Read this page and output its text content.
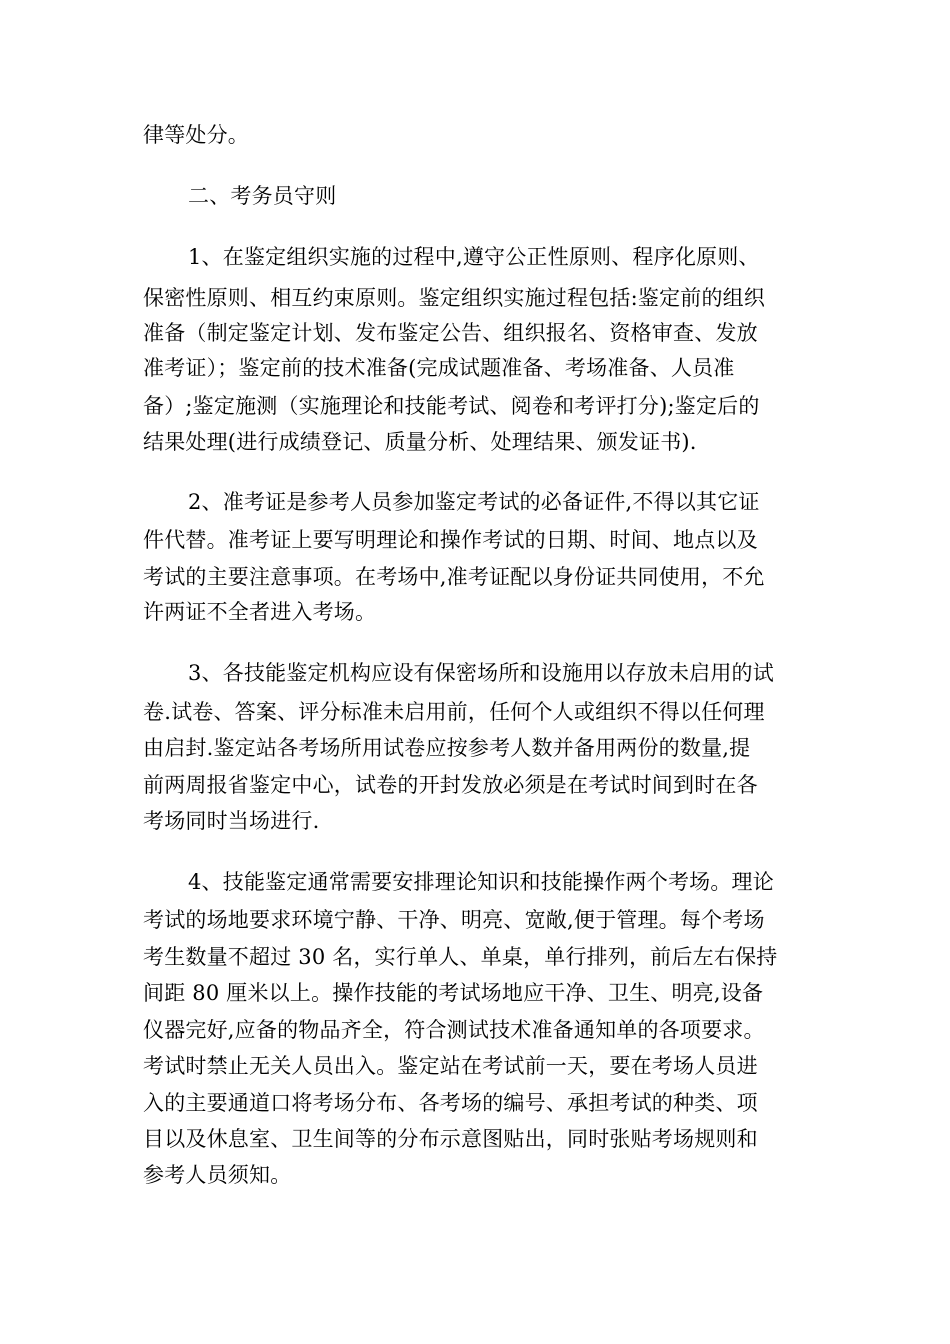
律等处分。
二、考务员守则
1、在鉴定组织实施的过程中,遵守公正性原则、程序化原则、
保密性原则、相互约束原则。鉴定组织实施过程包括:鉴定前的组织
准备（制定鉴定计划、发布鉴定公告、组织报名、资格审查、发放
准考证）；鉴定前的技术准备(完成试题准备、考场准备、人员准
备）;鉴定施测（实施理论和技能考试、阅卷和考评打分);鉴定后的
结果处理(进行成绩登记、质量分析、处理结果、颁发证书).
2、准考证是参考人员参加鉴定考试的必备证件,不得以其它证
件代替。准考证上要写明理论和操作考试的日期、时间、地点以及
考试的主要注意事项。在考场中,准考证配以身份证共同使用，不允
许两证不全者进入考场。
3、各技能鉴定机构应设有保密场所和设施用以存放未启用的试
卷.试卷、答案、评分标准未启用前，任何个人或组织不得以任何理
由启封.鉴定站各考场所用试卷应按参考人数并备用两份的数量,提
前两周报省鉴定中心，试卷的开封发放必须是在考试时间到时在各
考场同时当场进行.
4、技能鉴定通常需要安排理论知识和技能操作两个考场。理论
考试的场地要求环境宁静、干净、明亮、宽敞,便于管理。每个考场
考生数量不超过 30 名，实行单人、单桌，单行排列，前后左右保持
间距 80 厘米以上。操作技能的考试场地应干净、卫生、明亮,设备
仪器完好,应备的物品齐全，符合测试技术准备通知单的各项要求。
考试时禁止无关人员出入。鉴定站在考试前一天，要在考场人员进
入的主要通道口将考场分布、各考场的编号、承担考试的种类、项
目以及休息室、卫生间等的分布示意图贴出，同时张贴考场规则和
参考人员须知。
